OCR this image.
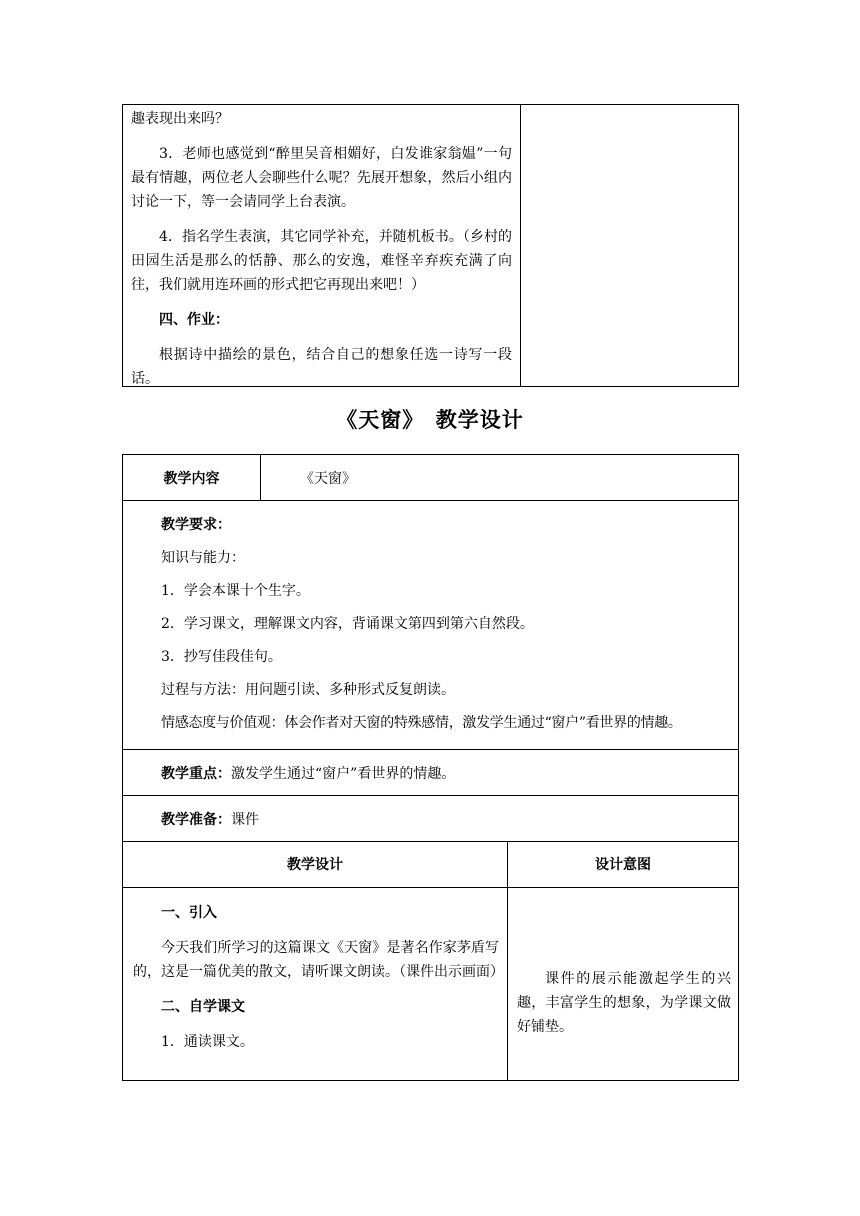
趣表现出来吗？

3．老师也感觉到“醉里吴音相媚好，白发谁家翁媪”一句最有情趣，两位老人会聊些什么呢？先展开想象，然后小组内讨论一下，等一会请同学上台表演。

4．指名学生表演，其它同学补充，并随机板书。（乡村的田园生活是那么的恬静、那么的安逸，难怪辛弃疾充满了向往，我们就用连环画的形式把它再现出来吧！）

四、作业：

根据诗中描绘的景色，结合自己的想象任选一诗写一段话。

《天窗》　教学设计
教学内容	《天窗》

教学要求：

知识与能力：

1．学会本课十个生字。

2．学习课文，理解课文内容，背诵课文第四到第六自然段。

3．抄写佳段佳句。

过程与方法：用问题引读、多种形式反复朗读。

情感态度与价值观：体会作者对天窗的特殊感情，激发学生通过“窗户”看世界的情趣。

教学重点：激发学生通过“窗户”看世界的情趣。
教学准备：课件
教学设计	设计意图

一、引入

今天我们所学习的这篇课文《天窗》是著名作家茅盾写的，这是一篇优美的散文，请听课文朗读。（课件出示画面）

二、自学课文

1．通读课文。

课件的展示能激起学生的兴趣，丰富学生的想象，为学课文做好铺垫。
